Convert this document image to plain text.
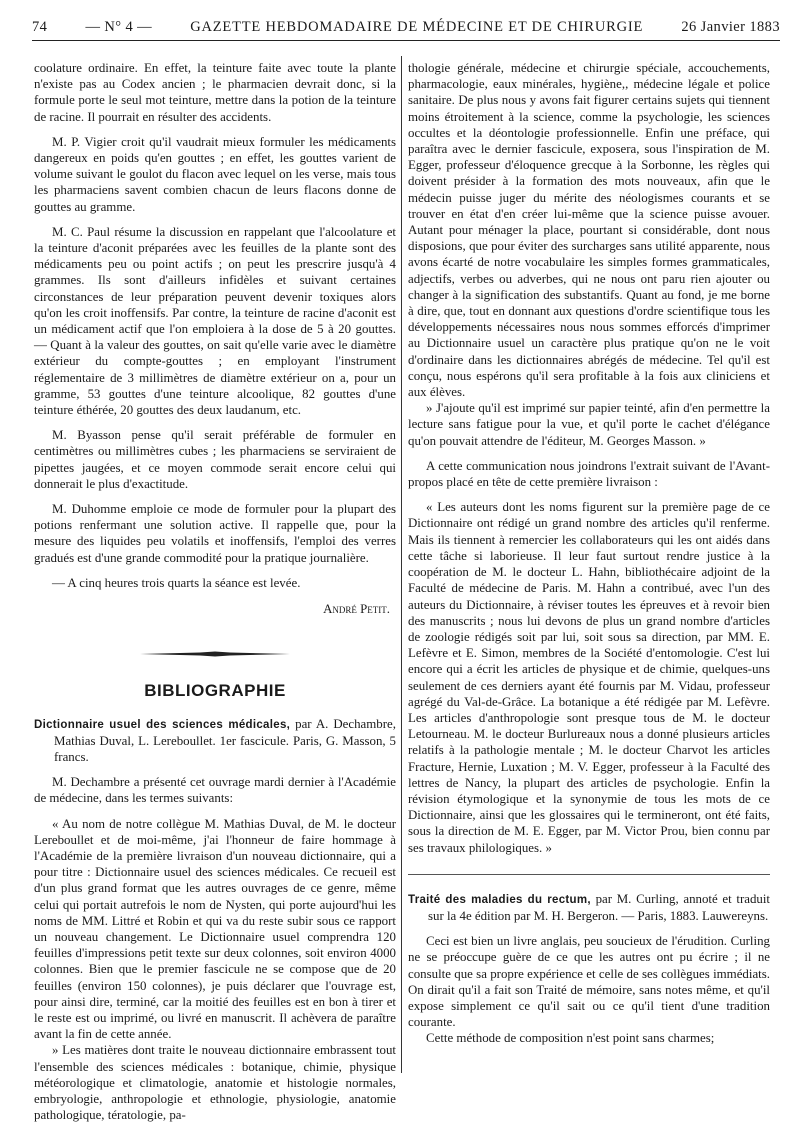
74	— N° 4 —	GAZETTE HEBDOMADAIRE DE MÉDECINE ET DE CHIRURGIE	26 Janvier 1883

coolature ordinaire. En effet, la teinture faite avec toute la plante n'existe pas au Codex ancien ; le pharmacien devrait donc, si la formule porte le seul mot teinture, mettre dans la potion de la teinture de racine. Il pourrait en résulter des accidents.

M. P. Vigier croit qu'il vaudrait mieux formuler les médicaments dangereux en poids qu'en gouttes ; en effet, les gouttes varient de volume suivant le goulot du flacon avec lequel on les verse, mais tous les pharmaciens savent combien chacun de leurs flacons donne de gouttes au gramme.

M. C. Paul résume la discussion en rappelant que l'alcoolature et la teinture d'aconit préparées avec les feuilles de la plante sont des médicaments peu ou point actifs ; on peut les prescrire jusqu'à 4 grammes. Ils sont d'ailleurs infidèles et suivant certaines circonstances de leur préparation peuvent devenir toxiques alors qu'on les croit inoffensifs. Par contre, la teinture de racine d'aconit est un médicament actif que l'on emploiera à la dose de 5 à 20 gouttes. — Quant à la valeur des gouttes, on sait qu'elle varie avec le diamètre extérieur du compte-gouttes ; en employant l'instrument réglementaire de 3 millimètres de diamètre extérieur on a, pour un gramme, 53 gouttes d'une teinture alcoolique, 82 gouttes d'une teinture éthérée, 20 gouttes des deux laudanum, etc.

M. Byasson pense qu'il serait préférable de formuler en centimètres ou millimètres cubes ; les pharmaciens se serviraient de pipettes jaugées, et ce moyen commode serait encore celui qui donnerait le plus d'exactitude.

M. Duhomme emploie ce mode de formuler pour la plupart des potions renfermant une solution active. Il rappelle que, pour la mesure des liquides peu volatils et inoffensifs, l'emploi des verres gradués est d'une grande commodité pour la pratique journalière.

— A cinq heures trois quarts la séance est levée.

André Petit.
BIBLIOGRAPHIE

Dictionnaire usuel des sciences médicales, par A. Dechambre, Mathias Duval, L. Lereboullet. 1er fascicule. Paris, G. Masson, 5 francs.

M. Dechambre a présenté cet ouvrage mardi dernier à l'Académie de médecine, dans les termes suivants:

« Au nom de notre collègue M. Mathias Duval, de M. le docteur Lereboullet et de moi-même, j'ai l'honneur de faire hommage à l'Académie de la première livraison d'un nouveau dictionnaire, qui a pour titre : Dictionnaire usuel des sciences médicales. Ce recueil est d'un plus grand format que les autres ouvrages de ce genre, même celui qui portait autrefois le nom de Nysten, qui porte aujourd'hui les noms de MM. Littré et Robin et qui va du reste subir sous ce rapport un nouveau changement. Le Dictionnaire usuel comprendra 120 feuilles d'impressions petit texte sur deux colonnes, soit environ 4000 colonnes. Bien que le premier fascicule ne se compose que de 20 feuilles (environ 150 colonnes), je puis déclarer que l'ouvrage est, pour ainsi dire, terminé, car la moitié des feuilles est en bon à tirer et le reste est ou imprimé, ou livré en manuscrit. Il achèvera de paraître avant la fin de cette année.

» Les matières dont traite le nouveau dictionnaire embrassent tout l'ensemble des sciences médicales : botanique, chimie, physique météorologique et climatologie, anatomie et histologie normales, embryologie, anthropologie et ethnologie, physiologie, anatomie pathologique, tératologie, pa-

thologie générale, médecine et chirurgie spéciale, accouchements, pharmacologie, eaux minérales, hygiène,, médecine légale et police sanitaire. De plus nous y avons fait figurer certains sujets qui tiennent moins étroitement à la science, comme la psychologie, les sciences occultes et la déontologie professionnelle. Enfin une préface, qui paraîtra avec le dernier fascicule, exposera, sous l'inspiration de M. Egger, professeur d'éloquence grecque à la Sorbonne, les règles qui doivent présider à la formation des mots nouveaux, afin que le médecin puisse juger du mérite des néologismes courants et se trouver en état d'en créer lui-même que la science puisse avouer. Autant pour ménager la place, pourtant si considérable, dont nous disposions, que pour éviter des surcharges sans utilité apparente, nous avons écarté de notre vocabulaire les simples formes grammaticales, adjectifs, verbes ou adverbes, qui ne nous ont paru rien ajouter ou changer à la signification des substantifs. Quant au fond, je me borne à dire, que, tout en donnant aux questions d'ordre scientifique tous les développements nécessaires nous nous sommes efforcés d'imprimer au Dictionnaire usuel un caractère plus pratique qu'on ne le voit d'ordinaire dans les dictionnaires abrégés de médecine. Tel qu'il est conçu, nous espérons qu'il sera profitable à la fois aux cliniciens et aux élèves.

» J'ajoute qu'il est imprimé sur papier teinté, afin d'en permettre la lecture sans fatigue pour la vue, et qu'il porte le cachet d'élégance qu'on pouvait attendre de l'éditeur, M. Georges Masson. »

A cette communication nous joindrons l'extrait suivant de l'Avant-propos placé en tête de cette première livraison :

« Les auteurs dont les noms figurent sur la première page de ce Dictionnaire ont rédigé un grand nombre des articles qu'il renferme. Mais ils tiennent à remercier les collaborateurs qui les ont aidés dans cette tâche si laborieuse. Il leur faut surtout rendre justice à la coopération de M. le docteur L. Hahn, bibliothécaire adjoint de la Faculté de médecine de Paris. M. Hahn a contribué, avec l'un des auteurs du Dictionnaire, à réviser toutes les épreuves et à revoir bien des manuscrits ; nous lui devons de plus un grand nombre d'articles de zoologie rédigés soit par lui, soit sous sa direction, par MM. E. Lefèvre et E. Simon, membres de la Société d'entomologie. C'est lui encore qui a écrit les articles de physique et de chimie, quelques-uns seulement de ces derniers ayant été fournis par M. Vidau, professeur agrégé du Val-de-Grâce. La botanique a été rédigée par M. Lefèvre. Les articles d'anthropologie sont presque tous de M. le docteur Letourneau. M. le docteur Burlureaux nous a donné plusieurs articles relatifs à la pathologie mentale ; M. le docteur Charvot les articles Fracture, Hernie, Luxation ; M. V. Egger, professeur à la Faculté des lettres de Nancy, la plupart des articles de psychologie. Enfin la révision étymologique et la synonymie de tous les mots de ce Dictionnaire, ainsi que les glossaires qui le termineront, ont été faits, sous la direction de M. E. Egger, par M. Victor Prou, bien connu par ses travaux philologiques. »

Traité des maladies du rectum, par M. Curling, annoté et traduit sur la 4e édition par M. H. Bergeron. — Paris, 1883. Lauwereyns.

Ceci est bien un livre anglais, peu soucieux de l'érudition. Curling ne se préoccupe guère de ce que les autres ont pu écrire ; il ne consulte que sa propre expérience et celle de ses collègues immédiats. On dirait qu'il a fait son Traité de mémoire, sans notes même, et qu'il expose simplement ce qu'il sait ou ce qu'il tient d'une tradition courante.

Cette méthode de composition n'est point sans charmes;
